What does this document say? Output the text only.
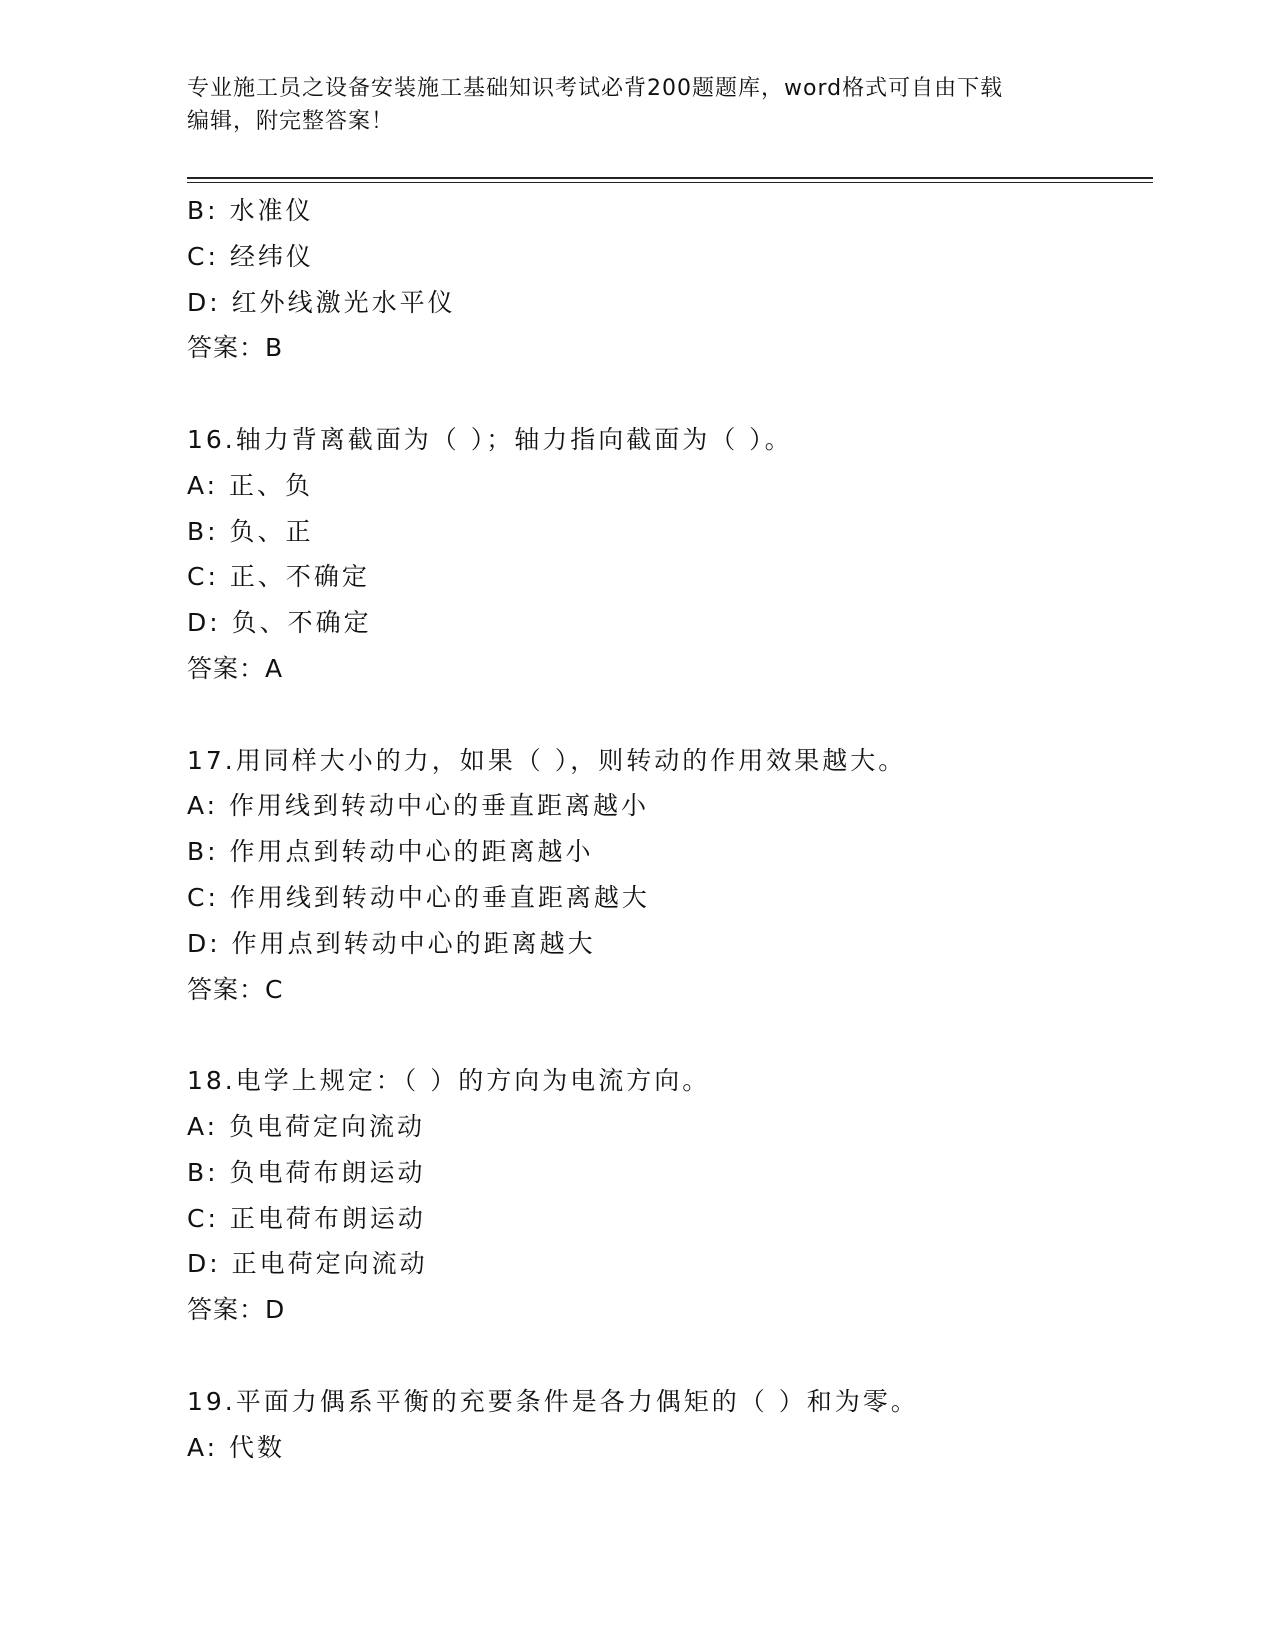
专业施工员之设备安装施工基础知识考试必背200题题库，word格式可自由下载
编辑，附完整答案！
B: 水准仪
C: 经纬仪
D: 红外线激光水平仪
答案：B
16.轴力背离截面为（ ）；轴力指向截面为（ ）。
A: 正、负
B: 负、正
C: 正、不确定
D: 负、不确定
答案：A
17.用同样大小的力，如果（ ），则转动的作用效果越大。
A: 作用线到转动中心的垂直距离越小
B: 作用点到转动中心的距离越小
C: 作用线到转动中心的垂直距离越大
D: 作用点到转动中心的距离越大
答案：C
18.电学上规定：（ ）的方向为电流方向。
A: 负电荷定向流动
B: 负电荷布朗运动
C: 正电荷布朗运动
D: 正电荷定向流动
答案：D
19.平面力偶系平衡的充要条件是各力偶矩的（ ）和为零。
A: 代数
